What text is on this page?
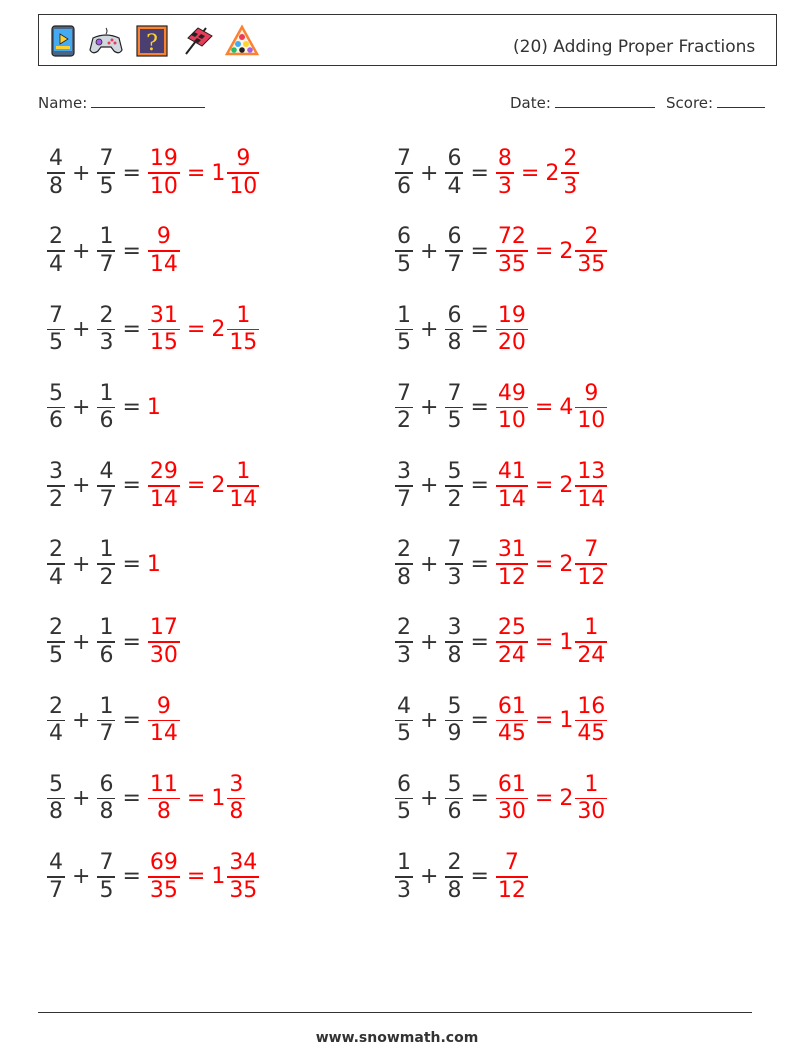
?	(20) Adding Proper Fractions
Name:	Date:	Score:
$\frac{4}{8} + \frac{7}{5} = \frac{19}{10} = 1 \frac{9}{10}$	$\frac{7}{6} + \frac{6}{4} = \frac{8}{3} = 2 \frac{2}{3}$
$\frac{2}{4} + \frac{1}{7} = \frac{9}{14}$	$\frac{6}{5} + \frac{6}{7} = \frac{72}{35} = 2 \frac{2}{35}$
$\frac{7}{5} + \frac{2}{3} = \frac{31}{15} = 2 \frac{1}{15}$	$\frac{1}{5} + \frac{6}{8} = \frac{19}{20}$
$\frac{5}{6} + \frac{1}{6} = 1$	$\frac{7}{2} + \frac{7}{5} = \frac{49}{10} = 4 \frac{9}{10}$
$\frac{3}{2} + \frac{4}{7} = \frac{29}{14} = 2 \frac{1}{14}$	$\frac{3}{7} + \frac{5}{2} = \frac{41}{14} = 2 \frac{13}{14}$
$\frac{2}{4} + \frac{1}{2} = 1$	$\frac{2}{8} + \frac{7}{3} = \frac{31}{12} = 2 \frac{7}{12}$
$\frac{2}{5} + \frac{1}{6} = \frac{17}{30}$	$\frac{2}{3} + \frac{3}{8} = \frac{25}{24} = 1 \frac{1}{24}$
$\frac{2}{4} + \frac{1}{7} = \frac{9}{14}$	$\frac{4}{5} + \frac{5}{9} = \frac{61}{45} = 1 \frac{16}{45}$
$\frac{5}{8} + \frac{6}{8} = \frac{11}{8} = 1 \frac{3}{8}$	$\frac{6}{5} + \frac{5}{6} = \frac{61}{30} = 2 \frac{1}{30}$
$\frac{4}{7} + \frac{7}{5} = \frac{69}{35} = 1 \frac{34}{35}$	$\frac{1}{3} + \frac{2}{8} = \frac{7}{12}$
www.snowmath.com
